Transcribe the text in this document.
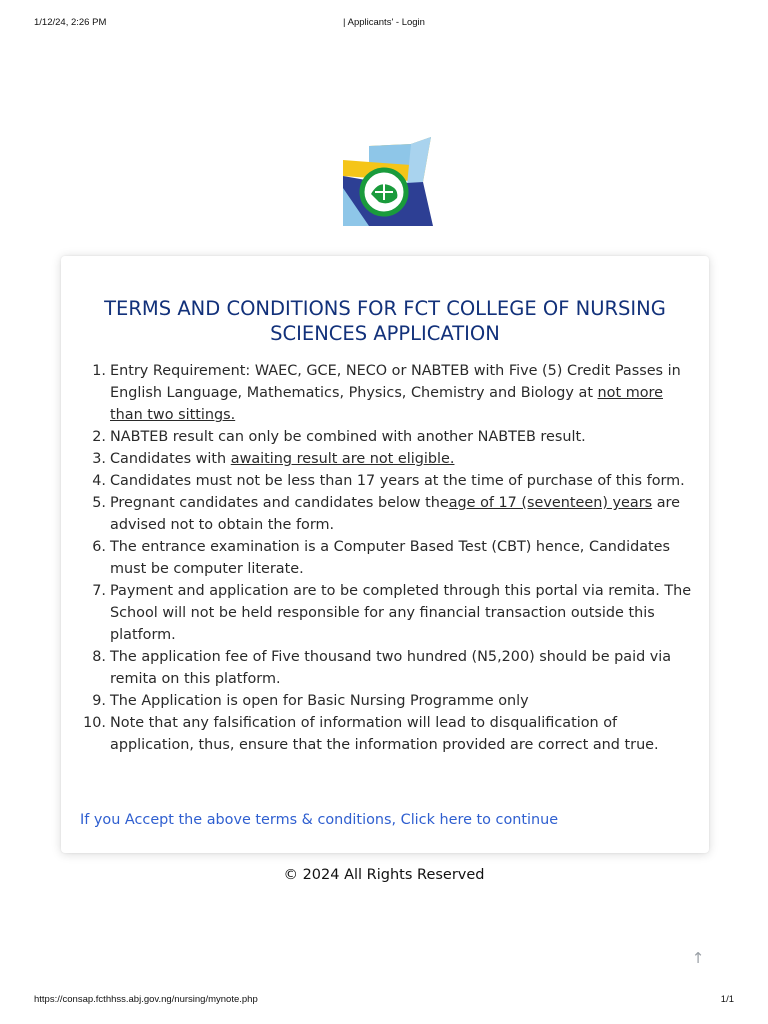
1/12/24, 2:26 PM	| Applicants' - Login
TERMS AND CONDITIONS FOR FCT COLLEGE OF NURSING SCIENCES APPLICATION
1. Entry Requirement: WAEC, GCE, NECO or NABTEB with Five (5) Credit Passes in English Language, Mathematics, Physics, Chemistry and Biology at not more than two sittings.
2. NABTEB result can only be combined with another NABTEB result.
3. Candidates with awaiting result are not eligible.
4. Candidates must not be less than 17 years at the time of purchase of this form.
5. Pregnant candidates and candidates below theage of 17 (seventeen) years are advised not to obtain the form.
6. The entrance examination is a Computer Based Test (CBT) hence, Candidates must be computer literate.
7. Payment and application are to be completed through this portal via remita. The School will not be held responsible for any financial transaction outside this platform.
8. The application fee of Five thousand two hundred (N5,200) should be paid via remita on this platform.
9. The Application is open for Basic Nursing Programme only
10. Note that any falsification of information will lead to disqualification of application, thus, ensure that the information provided are correct and true.
If you Accept the above terms & conditions, Click here to continue
© 2024 All Rights Reserved
↑
https://consap.fcthhss.abj.gov.ng/nursing/mynote.php	1/1
